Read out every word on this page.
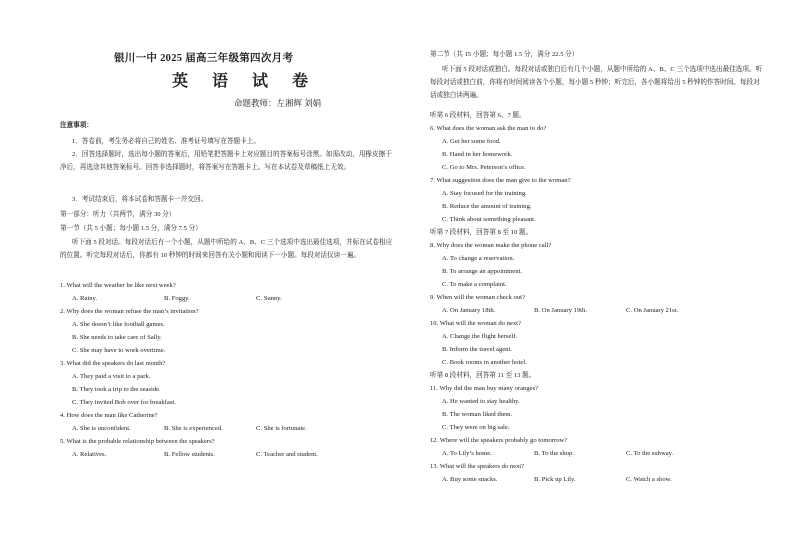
银川一中 2025 届高三年级第四次月考
英 语 试 卷
命题教师：左湘辉 刘娟
注意事项：
1．答卷前，考生务必将自己的姓名、准考证号填写在答题卡上。
2．回答选择题时，选出每小题的答案后，用铅笔把答题卡上对应题目的答案标号涂黑。如需改动，用橡皮擦干净后，再选涂其他答案标号。回答非选择题时，将答案写在答题卡上。写在本试卷及草稿纸上无效。
3．考试结束后，将本试卷和答题卡一并交回。
第一部分：听力（共两节，满分 30 分）
第一节（共 5 小题；每小题 1.5 分，满分 7.5 分）
听下面 5 段对话。每段对话后有一个小题，从题中所给的 A、B、C 三个选项中选出最佳选项，并标在试卷相应的位置。听完每段对话后，你都有 10 秒钟的时间来回答有关小题和阅读下一小题。每段对话仅读一遍。
1. What will the weather be like next week?
A. Rainy.	B. Foggy.	C. Sunny.
2. Why does the woman refuse the man’s invitation?
A. She doesn’t like football games.
B. She needs to take care of Sally.
C. She may have to work overtime.
3. What did the speakers do last month?
A. They paid a visit to a park.
B. They took a trip to the seaside.
C. They invited Bob over for breakfast.
4. How does the man like Catherine?
A. She is unconfident.	B. She is experienced.	C. She is fortunate.
5. What is the probable relationship between the speakers?
A. Relatives.	B. Fellow students.	C. Teacher and student.
第二节（共 15 小题；每小题 1.5 分，满分 22.5 分）
听下面 5 段对话或独白。每段对话或独白后有几个小题，从题中所给的 A、B、C 三个选项中选出最佳选项。听每段对话或独白前，你将有时间阅读各个小题，每小题 5 秒钟；听完后，各小题将给出 5 秒钟的作答时间。每段对话或独白读两遍。
听第 6 段材料，回答第 6、7 题。
6. What does the woman ask the man to do?
A. Get her some food.
B. Hand in her homework.
C. Go to Mrs. Peterson’s office.
7. What suggestion does the man give to the woman?
A. Stay focused for the training.
B. Reduce the amount of training.
C. Think about something pleasant.
听第 7 段材料，回答第 8 至 10 题。
8. Why does the woman make the phone call?
A. To change a reservation.
B. To arrange an appointment.
C. To make a complaint.
9. When will the woman check out?
A. On January 18th.	B. On January 19th.	C. On January 21st.
10. What will the woman do next?
A. Change the flight herself.
B. Inform the travel agent.
C. Book rooms in another hotel.
听第 8 段材料，回答第 11 至 13 题。
11. Why did the man buy many oranges?
A. He wanted to stay healthy.
B. The woman liked them.
C. They were on big sale.
12. Where will the speakers probably go tomorrow?
A. To Lily’s home.	B. To the shop.	C. To the subway.
13. What will the speakers do next?
A. Buy some snacks.	B. Pick up Lily.	C. Watch a show.
